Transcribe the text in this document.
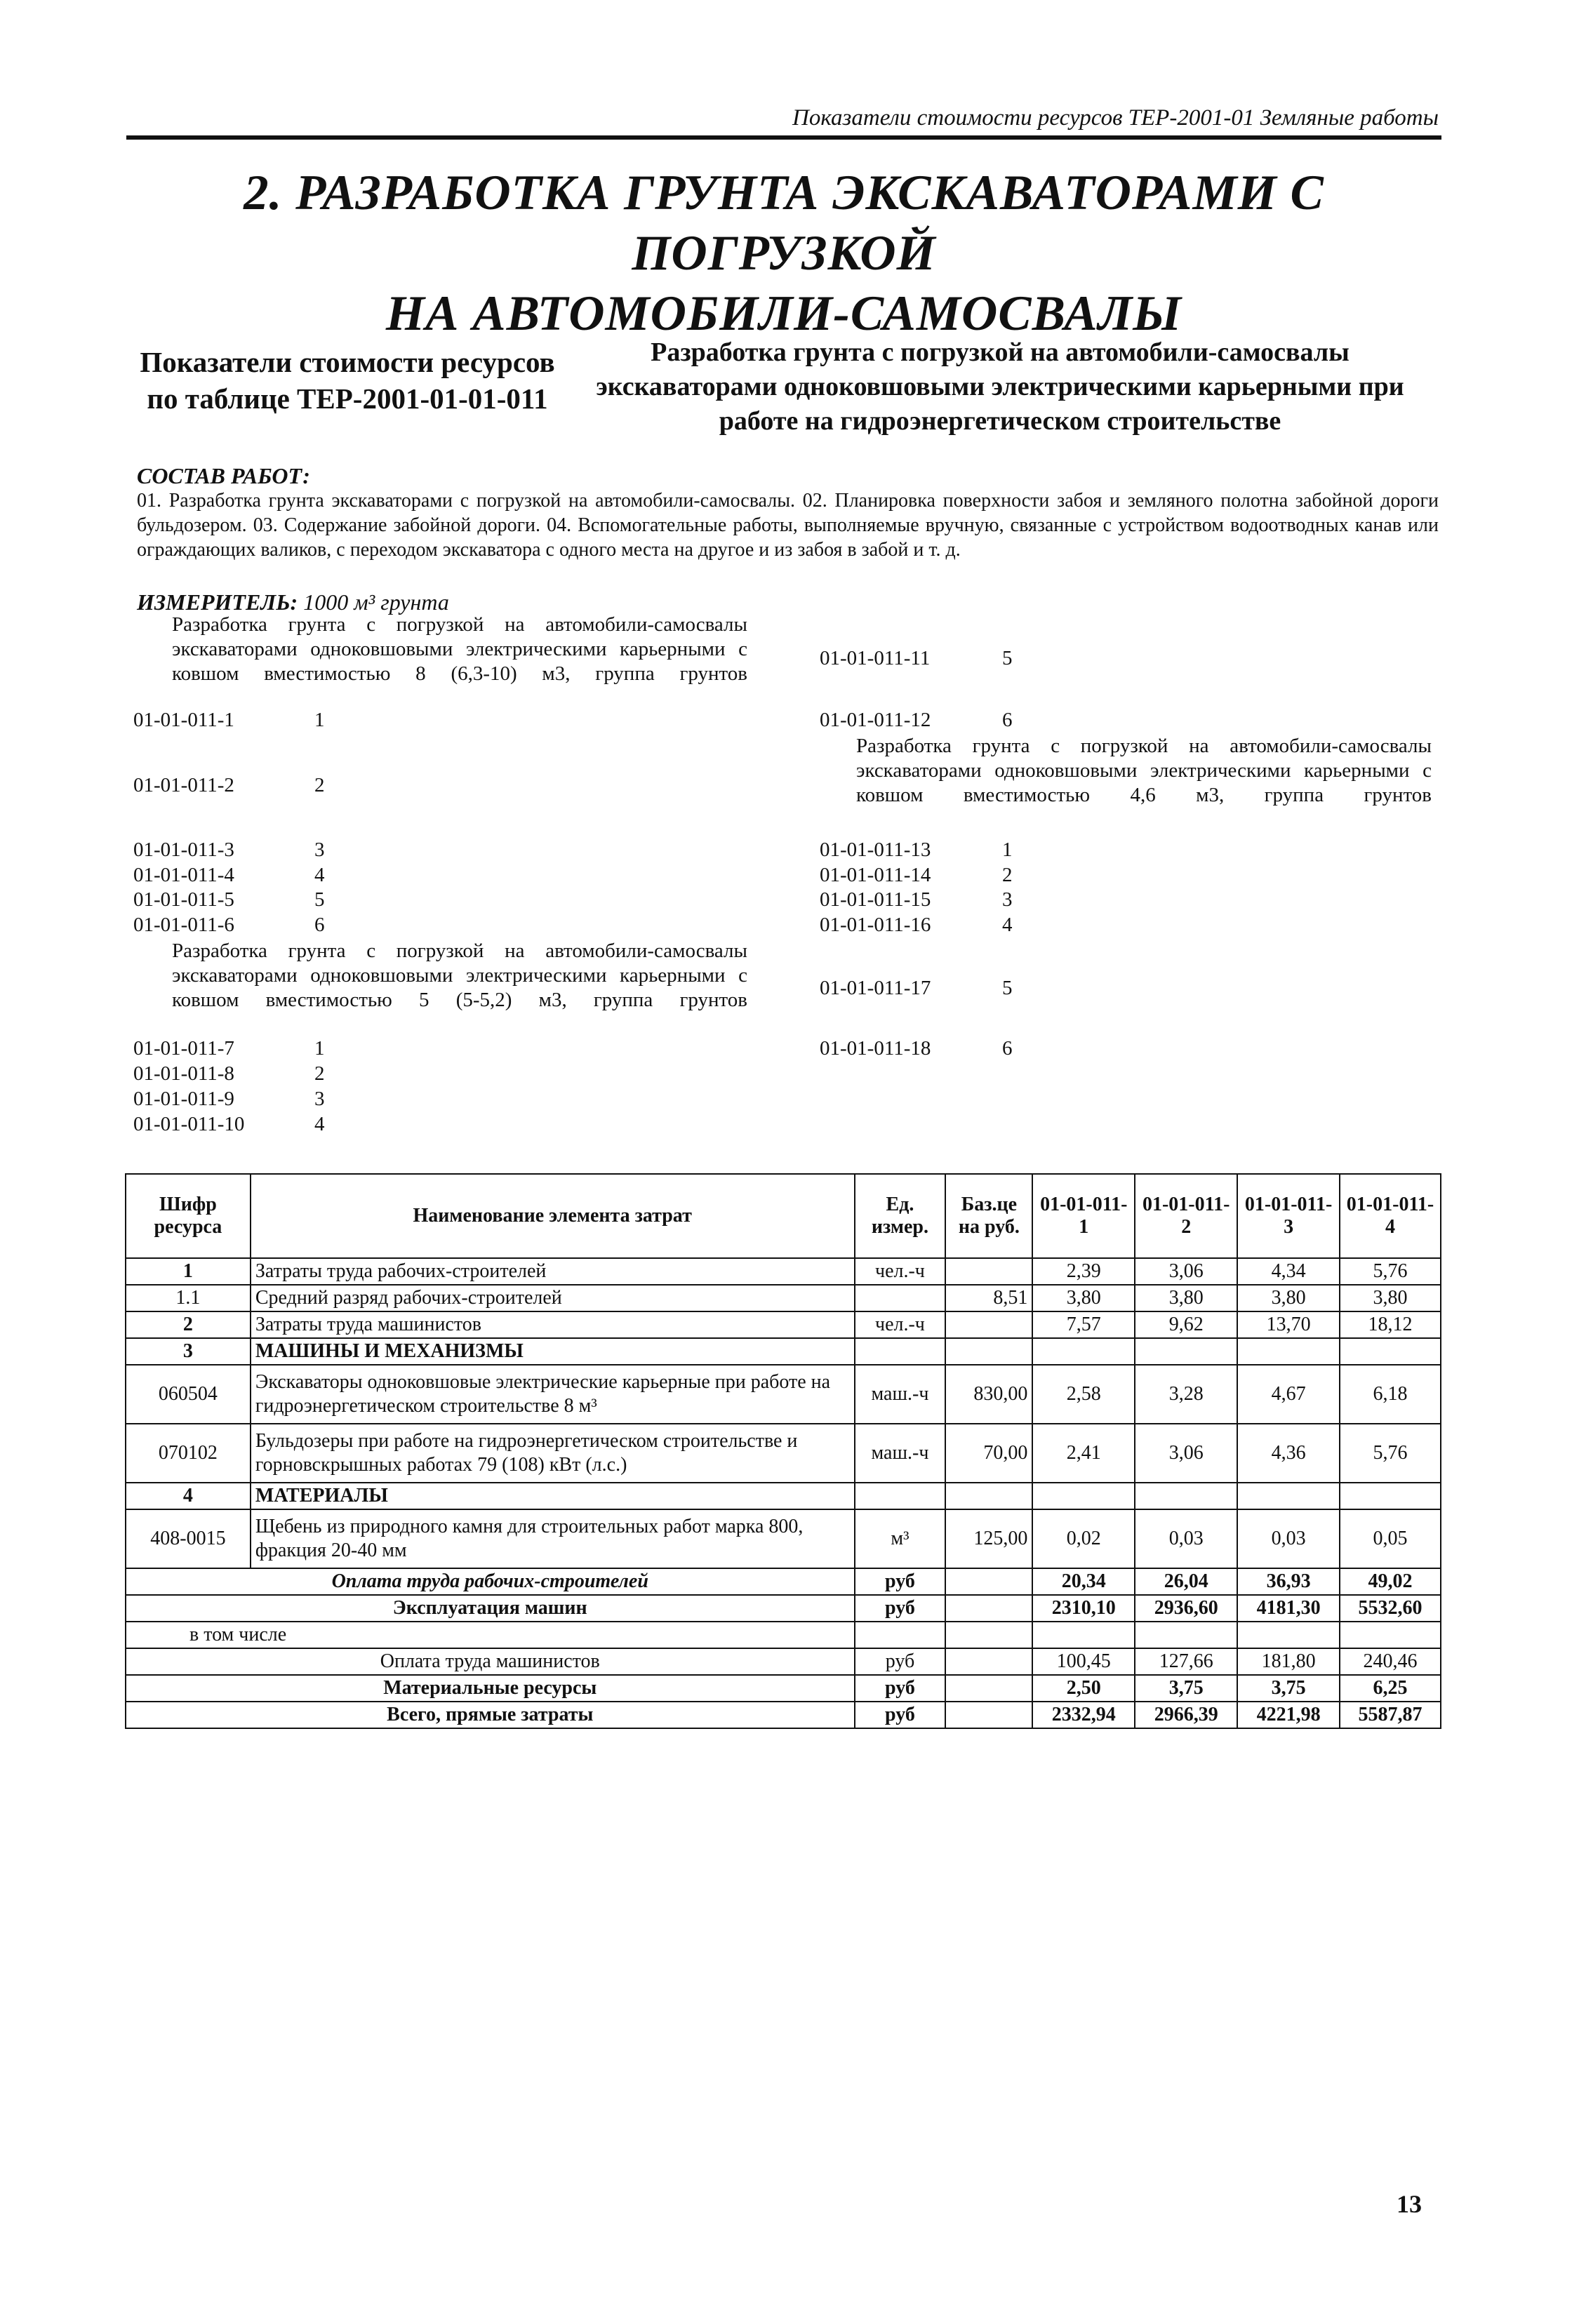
Показатели стоимости ресурсов ТЕР-2001-01 Земляные работы
2. РАЗРАБОТКА ГРУНТА ЭКСКАВАТОРАМИ С ПОГРУЗКОЙ
НА АВТОМОБИЛИ-САМОСВАЛЫ
Показатели стоимости ресурсов
по таблице ТЕР-2001-01-01-011
Разработка грунта с погрузкой на автомобили-самосвалы
экскаваторами одноковшовыми электрическими карьерными при
работе на гидроэнергетическом строительстве
СОСТАВ РАБОТ:
01. Разработка грунта экскаваторами с погрузкой на автомобили-самосвалы. 02. Планировка поверхности забоя и земляного полотна забойной дороги бульдозером. 03. Содержание забойной дороги. 04. Вспомогательные работы, выполняемые вручную, связанные с устройством водоотводных канав или ограждающих валиков, с переходом экскаватора с одного места на другое и из забоя в забой и т. д.
ИЗМЕРИТЕЛЬ: 1000 м³ грунта
Разработка грунта с погрузкой на автомобили-самосвалы экскаваторами одноковшовыми электрическими карьерными с ковшом вместимостью 8 (6,3-10) м3, группа грунтов
01-01-011-1	1
01-01-011-2	2
01-01-011-3	3
01-01-011-4	4
01-01-011-5	5
01-01-011-6	6
Разработка грунта с погрузкой на автомобили-самосвалы экскаваторами одноковшовыми электрическими карьерными с ковшом вместимостью 5 (5-5,2) м3, группа грунтов
01-01-011-7	1
01-01-011-8	2
01-01-011-9	3
01-01-011-10	4
01-01-011-11	5
01-01-011-12	6
Разработка грунта с погрузкой на автомобили-самосвалы экскаваторами одноковшовыми электрическими карьерными с ковшом вместимостью 4,6 м3, группа грунтов
01-01-011-13	1
01-01-011-14	2
01-01-011-15	3
01-01-011-16	4
01-01-011-17	5
01-01-011-18	6
Шифр ресурса	Наименование элемента затрат	Ед. измер.	Баз.це на руб.	01-01-011-1	01-01-011-2	01-01-011-3	01-01-011-4
1	Затраты труда рабочих-строителей	чел.-ч		2,39	3,06	4,34	5,76
1.1	Средний разряд рабочих-строителей		8,51	3,80	3,80	3,80	3,80
2	Затраты труда машинистов	чел.-ч		7,57	9,62	13,70	18,12
3	МАШИНЫ И МЕХАНИЗМЫ						
060504	Экскаваторы одноковшовые электрические карьерные при работе на гидроэнергетическом строительстве 8 м³	маш.-ч	830,00	2,58	3,28	4,67	6,18
070102	Бульдозеры при работе на гидроэнергетическом строительстве и горновскрышных работах 79 (108) кВт (л.с.)	маш.-ч	70,00	2,41	3,06	4,36	5,76
4	МАТЕРИАЛЫ						
408-0015	Щебень из природного камня для строительных работ марка 800, фракция 20-40 мм	м³	125,00	0,02	0,03	0,03	0,05
Оплата труда рабочих-строителей		руб		20,34	26,04	36,93	49,02
Эксплуатация машин		руб		2310,10	2936,60	4181,30	5532,60
в том числе							
Оплата труда машинистов		руб		100,45	127,66	181,80	240,46
Материальные ресурсы		руб		2,50	3,75	3,75	6,25
Всего, прямые затраты		руб		2332,94	2966,39	4221,98	5587,87
13
